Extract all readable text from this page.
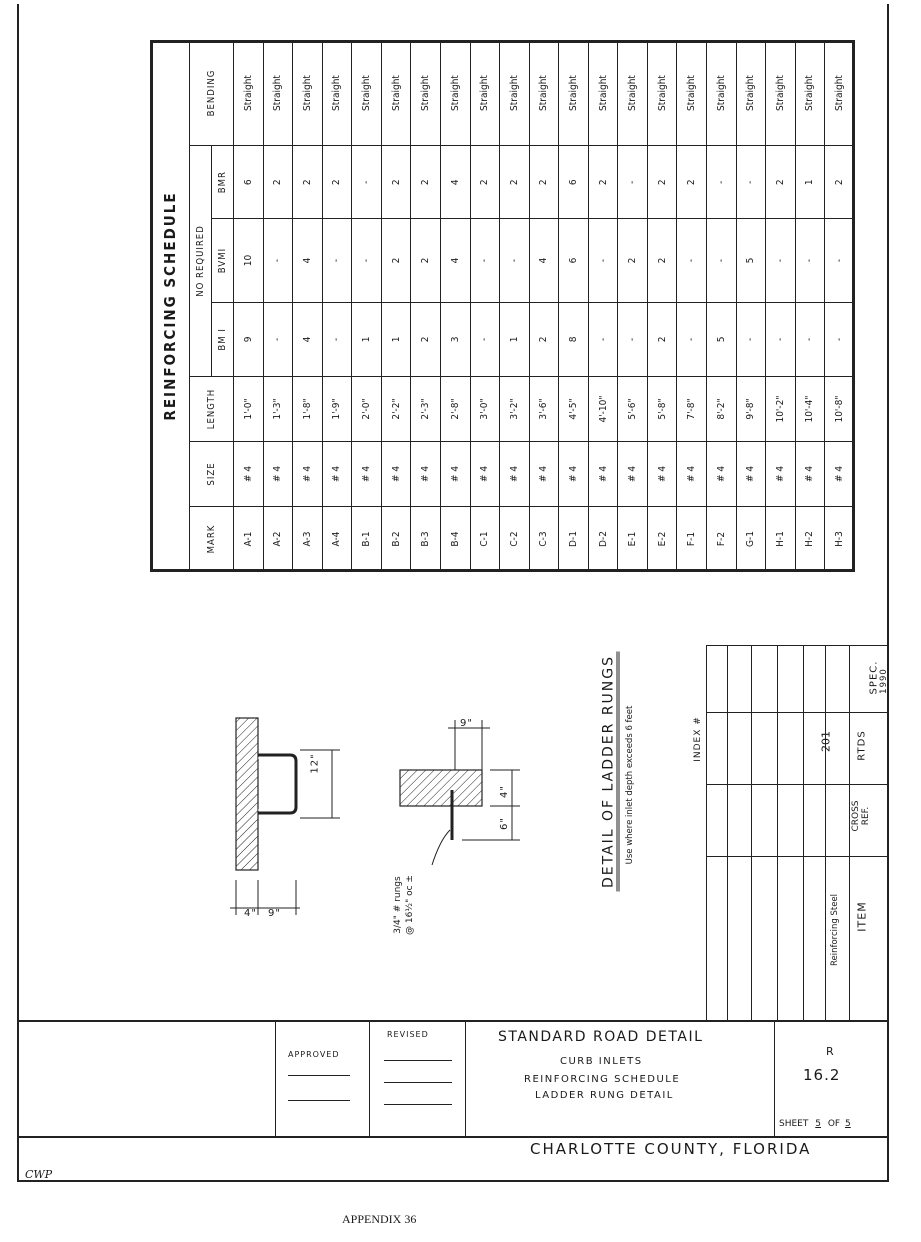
REINFORCING SCHEDULE						
MARK	SIZE	LENGTH	NO REQUIRED			BENDING
			BM I	BVMI	BMR	
A-1	# 4	1'-0"	9	10	6	Straight
A-2	# 4	1'-3"	-	-	2	Straight
A-3	# 4	1'-8"	4	4	2	Straight
A-4	# 4	1'-9"	-	-	2	Straight
B-1	# 4	2'-0"	1	-	-	Straight
B-2	# 4	2'-2"	1	2	2	Straight
B-3	# 4	2'-3"	2	2	2	Straight
B-4	# 4	2'-8"	3	4	4	Straight
C-1	# 4	3'-0"	-	-	2	Straight
C-2	# 4	3'-2"	1	-	2	Straight
C-3	# 4	3'-6"	2	4	2	Straight
D-1	# 4	4'-5"	8	6	6	Straight
D-2	# 4	4'-10"	-	-	2	Straight
E-1	# 4	5'-6"	-	2	-	Straight
E-2	# 4	5'-8"	2	2	2	Straight
F-1	# 4	7'-8"	-	-	2	Straight
F-2	# 4	8'-2"	5	-	-	Straight
G-1	# 4	9'-8"	-	5	-	Straight
H-1	# 4	10'-2"	-	-	2	Straight
H-2	# 4	10'-4"	-	-	1	Straight
H-3	# 4	10'-8"	-	-	2	Straight
12"
4" 9"
9"
4"
6"
3/4" # rungs @ 16½" oc ±
DETAIL OF LADDER RUNGS	Use where inlet depth exceeds 6 feet	INDEX #
Reinforcing Steel
201
ITEM
CROSS REF.
RTDS
SPEC. 1990
APPROVED
REVISED	STANDARD ROAD DETAIL
CURB INLETS
REINFORCING SCHEDULE
LADDER RUNG DETAIL
R
16.2
SHEET 5 OF 5
CHARLOTTE COUNTY, FLORIDA
CWP
APPENDIX 36
